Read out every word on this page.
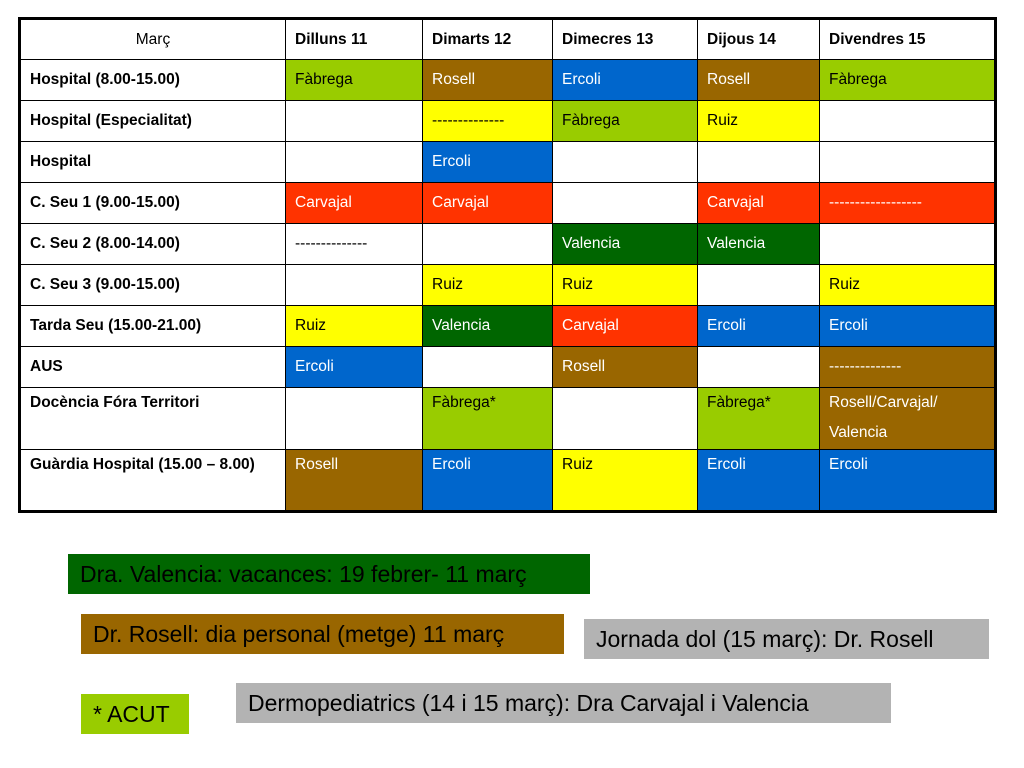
Març	Dilluns 11	Dimarts 12	Dimecres 13	Dijous 14	Divendres 15
Hospital (8.00-15.00)	Fàbrega	Rosell	Ercoli	Rosell	Fàbrega
Hospital (Especialitat)		--------------	Fàbrega	Ruiz	
Hospital		Ercoli			
C. Seu 1 (9.00-15.00)	Carvajal	Carvajal		Carvajal	------------------
C. Seu 2 (8.00-14.00)	--------------		Valencia	Valencia	
C. Seu 3 (9.00-15.00)		Ruiz	Ruiz		Ruiz
Tarda Seu (15.00-21.00)	Ruiz	Valencia	Carvajal	Ercoli	Ercoli
AUS	Ercoli		Rosell		--------------
Docència Fóra Territori		Fàbrega*		Fàbrega*	Rosell/Carvajal/ Valencia
Guàrdia Hospital (15.00 – 8.00)	Rosell	Ercoli	Ruiz	Ercoli	Ercoli
Dra. Valencia: vacances: 19 febrer- 11 març
Dr. Rosell: dia personal (metge) 11 març	Jornada dol (15 març): Dr. Rosell
* ACUT	Dermopediatrics (14 i 15 març): Dra Carvajal i Valencia
